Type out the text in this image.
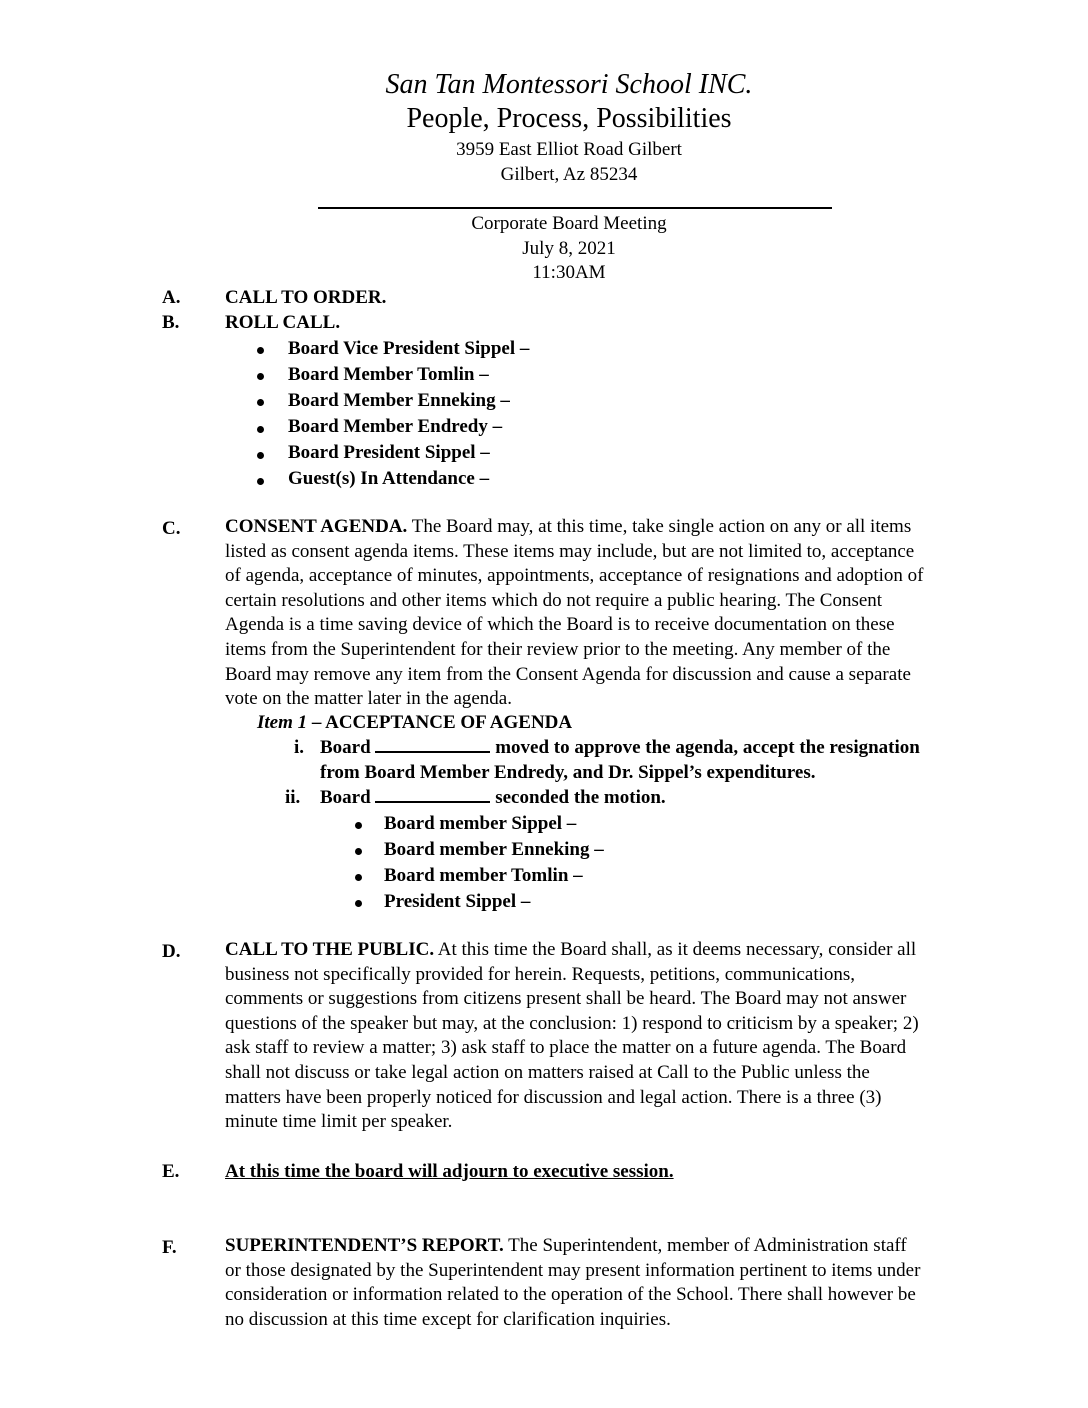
San Tan Montessori School INC.
People, Process, Possibilities
3959 East Elliot Road Gilbert
Gilbert, Az 85234
Corporate Board Meeting
July 8, 2021
11:30AM
A. CALL TO ORDER.
B. ROLL CALL.
Board Vice President Sippel –
Board Member Tomlin –
Board Member Enneking –
Board Member Endredy –
Board President Sippel –
Guest(s) In Attendance –
C. CONSENT AGENDA. The Board may, at this time, take single action on any or all items
listed as consent agenda items. These items may include, but are not limited to, acceptance
of agenda, acceptance of minutes, appointments, acceptance of resignations and adoption of
certain resolutions and other items which do not require a public hearing. The Consent
Agenda is a time saving device of which the Board is to receive documentation on these
items from the Superintendent for their review prior to the meeting. Any member of the
Board may remove any item from the Consent Agenda for discussion and cause a separate
vote on the matter later in the agenda.
Item 1 – ACCEPTANCE OF AGENDA
i. Board	moved to approve the agenda, accept the resignation
from Board Member Endredy, and Dr. Sippel’s expenditures.
ii. Board	seconded the motion.
Board member Sippel –
Board member Enneking –
Board member Tomlin –
President Sippel –
D. CALL TO THE PUBLIC. At this time the Board shall, as it deems necessary, consider all
business not specifically provided for herein. Requests, petitions, communications,
comments or suggestions from citizens present shall be heard. The Board may not answer
questions of the speaker but may, at the conclusion: 1) respond to criticism by a speaker; 2)
ask staff to review a matter; 3) ask staff to place the matter on a future agenda. The Board
shall not discuss or take legal action on matters raised at Call to the Public unless the
matters have been properly noticed for discussion and legal action. There is a three (3)
minute time limit per speaker.
E. At this time the board will adjourn to executive session.
F.	SUPERINTENDENT’S REPORT. The Superintendent, member of Administration staff
or those designated by the Superintendent may present information pertinent to items under
consideration or information related to the operation of the School. There shall however be
no discussion at this time except for clarification inquiries.
